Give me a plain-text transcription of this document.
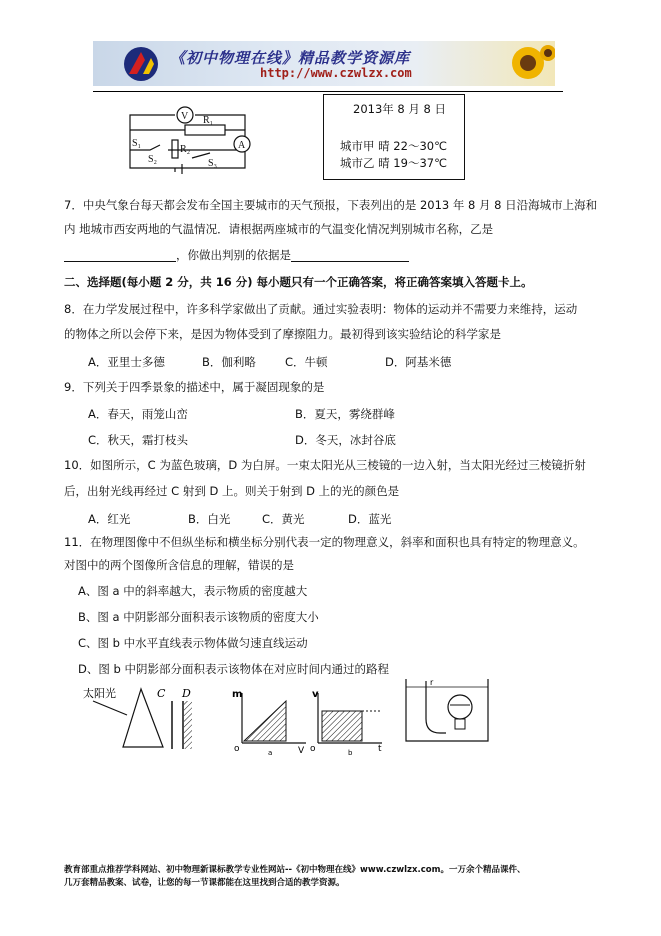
《初中物理在线》精品教学资源库
http://www.czwlzx.com
V
A
R₁
R₂
S₁
S₂	S₃
2013年 8 月 8 日
城市甲 晴 22～30℃
城市乙 晴 19～37℃
7．中央气象台每天都会发布全国主要城市的天气预报，下表列出的是 2013 年 8 月 8 日沿海城市上海和
内 地城市西安两地的气温情况．请根据两座城市的气温变化情况判别城市名称，乙是
，你做出判别的依据是
二、选择题(每小题 2 分，共 16 分) 每小题只有一个正确答案，将正确答案填入答题卡上。
8．在力学发展过程中，许多科学家做出了贡献。通过实验表明：物体的运动并不需要力来维持，运动
的物体之所以会停下来，是因为物体受到了摩擦阻力。最初得到该实验结论的科学家是
A．亚里士多德	B．伽利略	C．牛顿	D．阿基米德
9．下列关于四季景象的描述中，属于凝固现象的是
A．春天，雨笼山峦	B．夏天，雾绕群峰
C．秋天，霜打枝头	D．冬天，冰封谷底
10．如图所示，C 为蓝色玻璃，D 为白屏。一束太阳光从三棱镜的一边入射，当太阳光经过三棱镜折射
后，出射光线再经过 C 射到 D 上。则关于射到 D 上的光的颜色是
A．红光	B．白光	C．黄光	D．蓝光
11．在物理图像中不但纵坐标和横坐标分别代表一定的物理意义，斜率和面积也具有特定的物理意义。
对图中的两个图像所含信息的理解，错误的是
A、图 a 中的斜率越大，表示物质的密度越大
B、图 a 中阴影部分面积表示该物质的密度大小
C、图 b 中水平直线表示物体做匀速直线运动
D、图 b 中阴影部分面积表示该物体在对应时间内通过的路程
太阳光	C D	m
o	a	V
v
o	b	t
r
教育部重点推荐学科网站、初中物理新课标教学专业性网站--《初中物理在线》www.czwlzx.com。一万余个精品课件、
几万套精品教案、试卷，让您的每一节课都能在这里找到合适的教学资源。
